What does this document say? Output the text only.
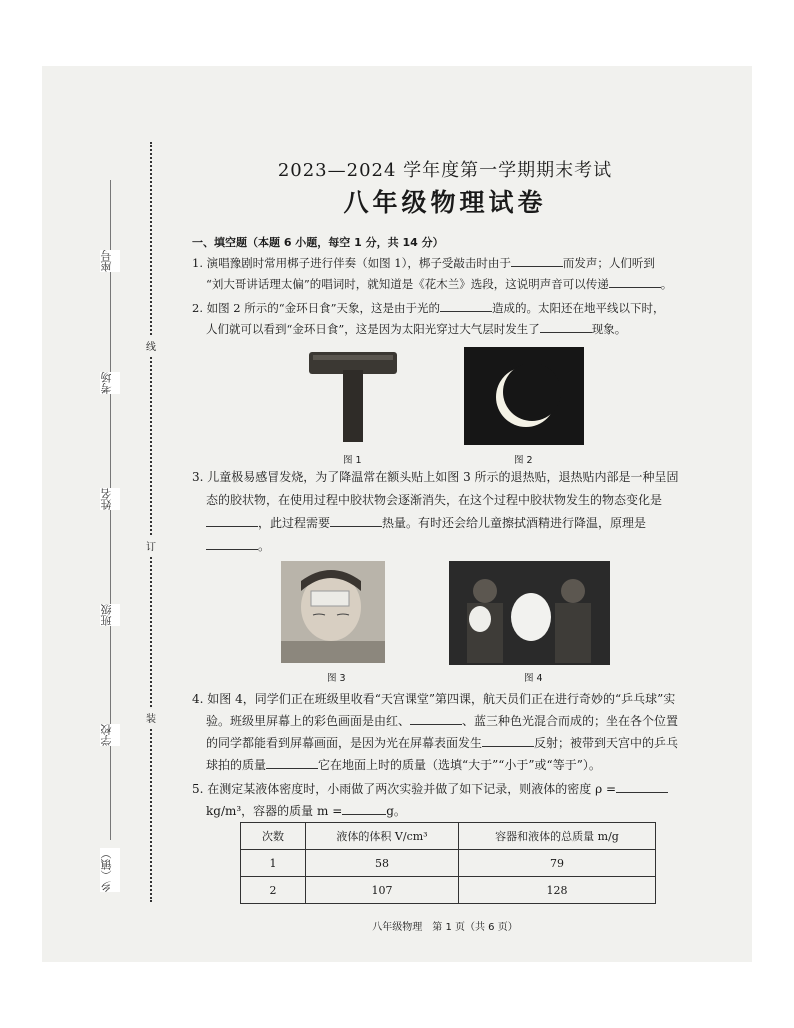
座号
考场
姓名
班级
学校
乡（镇）
线
订
装
2023—2024 学年度第一学期期末考试
八年级物理试卷
一、填空题（本题 6 小题，每空 1 分，共 14 分）
1. 演唱豫剧时常用梆子进行伴奏（如图 1），梆子受敲击时由于	而发声；人们听到
“刘大哥讲话理太偏”的唱词时，就知道是《花木兰》选段，这说明声音可以传递	。
2. 如图 2 所示的“金环日食”天象，这是由于光的	造成的。太阳还在地平线以下时，
人们就可以看到“金环日食”，这是因为太阳光穿过大气层时发生了	现象。
图 1	图 2
3. 儿童极易感冒发烧，为了降温常在额头贴上如图 3 所示的退热贴，退热贴内部是一种呈固
态的胶状物，在使用过程中胶状物会逐渐消失，在这个过程中胶状物发生的物态变化是
，此过程需要	热量。有时还会给儿童擦拭酒精进行降温，原理是
。
图 3	图 4
4. 如图 4，同学们正在班级里收看“天宫课堂”第四课，航天员们正在进行奇妙的“乒乓球”实
验。班级里屏幕上的彩色画面是由红、	、蓝三种色光混合而成的；坐在各个位置
的同学都能看到屏幕画面，是因为光在屏幕表面发生	反射；被带到天宫中的乒乓
球拍的质量	它在地面上时的质量（选填“大于”“小于”或“等于”）。
5. 在测定某液体密度时，小雨做了两次实验并做了如下记录，则液体的密度 ρ =
kg/m³，容器的质量 m =	g。
次数	液体的体积 V/cm³	容器和液体的总质量 m/g
1	58	79
2	107	128
八年级物理　第 1 页（共 6 页）
